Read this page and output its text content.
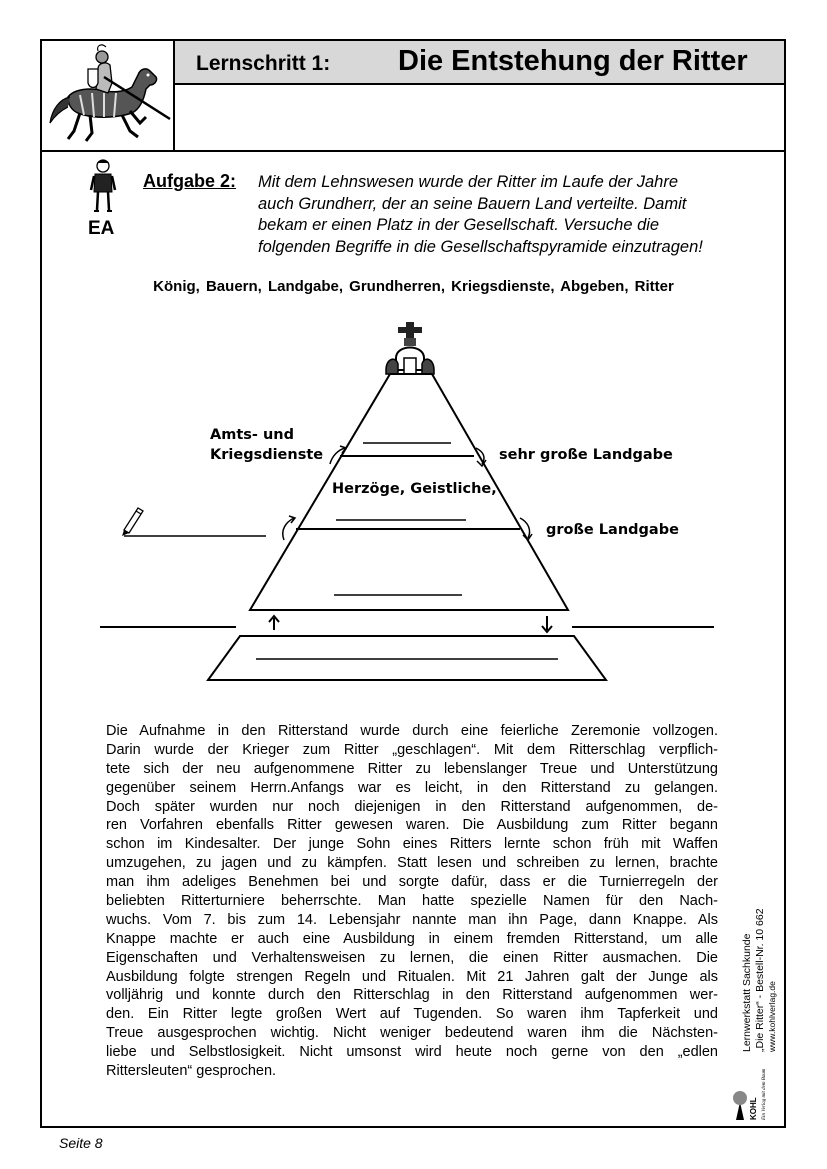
Lernschritt 1: Die Entstehung der Ritter
EA
Aufgabe 2: Mit dem Lehnswesen wurde der Ritter im Laufe der Jahre
auch Grundherr, der an seine Bauern Land verteilte. Damit
bekam er einen Platz in der Gesellschaft. Versuche die
folgenden Begriffe in die Gesellschaftspyramide einzutragen!
König, Bauern, Landgabe, Grundherren, Kriegsdienste, Abgeben, Ritter
Amts- und
Kriegsdienste	sehr große Landgabe
Herzöge, Geistliche,
große Landgabe
Die Aufnahme in den Ritterstand wurde durch eine feierliche Zeremonie vollzogen.
Darin wurde der Krieger zum Ritter „geschlagen“. Mit dem Ritterschlag verpflich-
tete sich der neu aufgenommene Ritter zu lebenslanger Treue und Unterstützung
gegenüber seinem Herrn.Anfangs war es leicht, in den Ritterstand zu gelangen.
Doch später wurden nur noch diejenigen in den Ritterstand aufgenommen, de-
ren Vorfahren ebenfalls Ritter gewesen waren. Die Ausbildung zum Ritter begann
schon im Kindesalter. Der junge Sohn eines Ritters lernte schon früh mit Waffen
umzugehen, zu jagen und zu kämpfen. Statt lesen und schreiben zu lernen, brachte
man ihm adeliges Benehmen bei und sorgte dafür, dass er die Turnierregeln der
beliebten Ritterturniere beherrschte. Man hatte spezielle Namen für den Nach-
wuchs. Vom 7. bis zum 14. Lebensjahr nannte man ihn Page, dann Knappe. Als
Knappe machte er auch eine Ausbildung in einem fremden Ritterstand, um alle
Eigenschaften und Verhaltensweisen zu lernen, die einen Ritter ausmachen. Die
Ausbildung folgte strengen Regeln und Ritualen. Mit 21 Jahren galt der Junge als
volljährig und konnte durch den Ritterschlag in den Ritterstand aufgenommen wer-
den. Ein Ritter legte großen Wert auf Tugenden. So waren ihm Tapferkeit und
Treue ausgesprochen wichtig. Nicht weniger bedeutend waren ihm die Nächsten-
liebe und Selbstlosigkeit. Nicht umsonst wird heute noch gerne von den „edlen
Rittersleuten“ gesprochen.
Lernwerkstatt Sachkunde „Die Ritter“ - Bestell-Nr. 10 662 www.kohlverlag.de
KOHL Ein Verlag mit dem Baum
Seite 8
